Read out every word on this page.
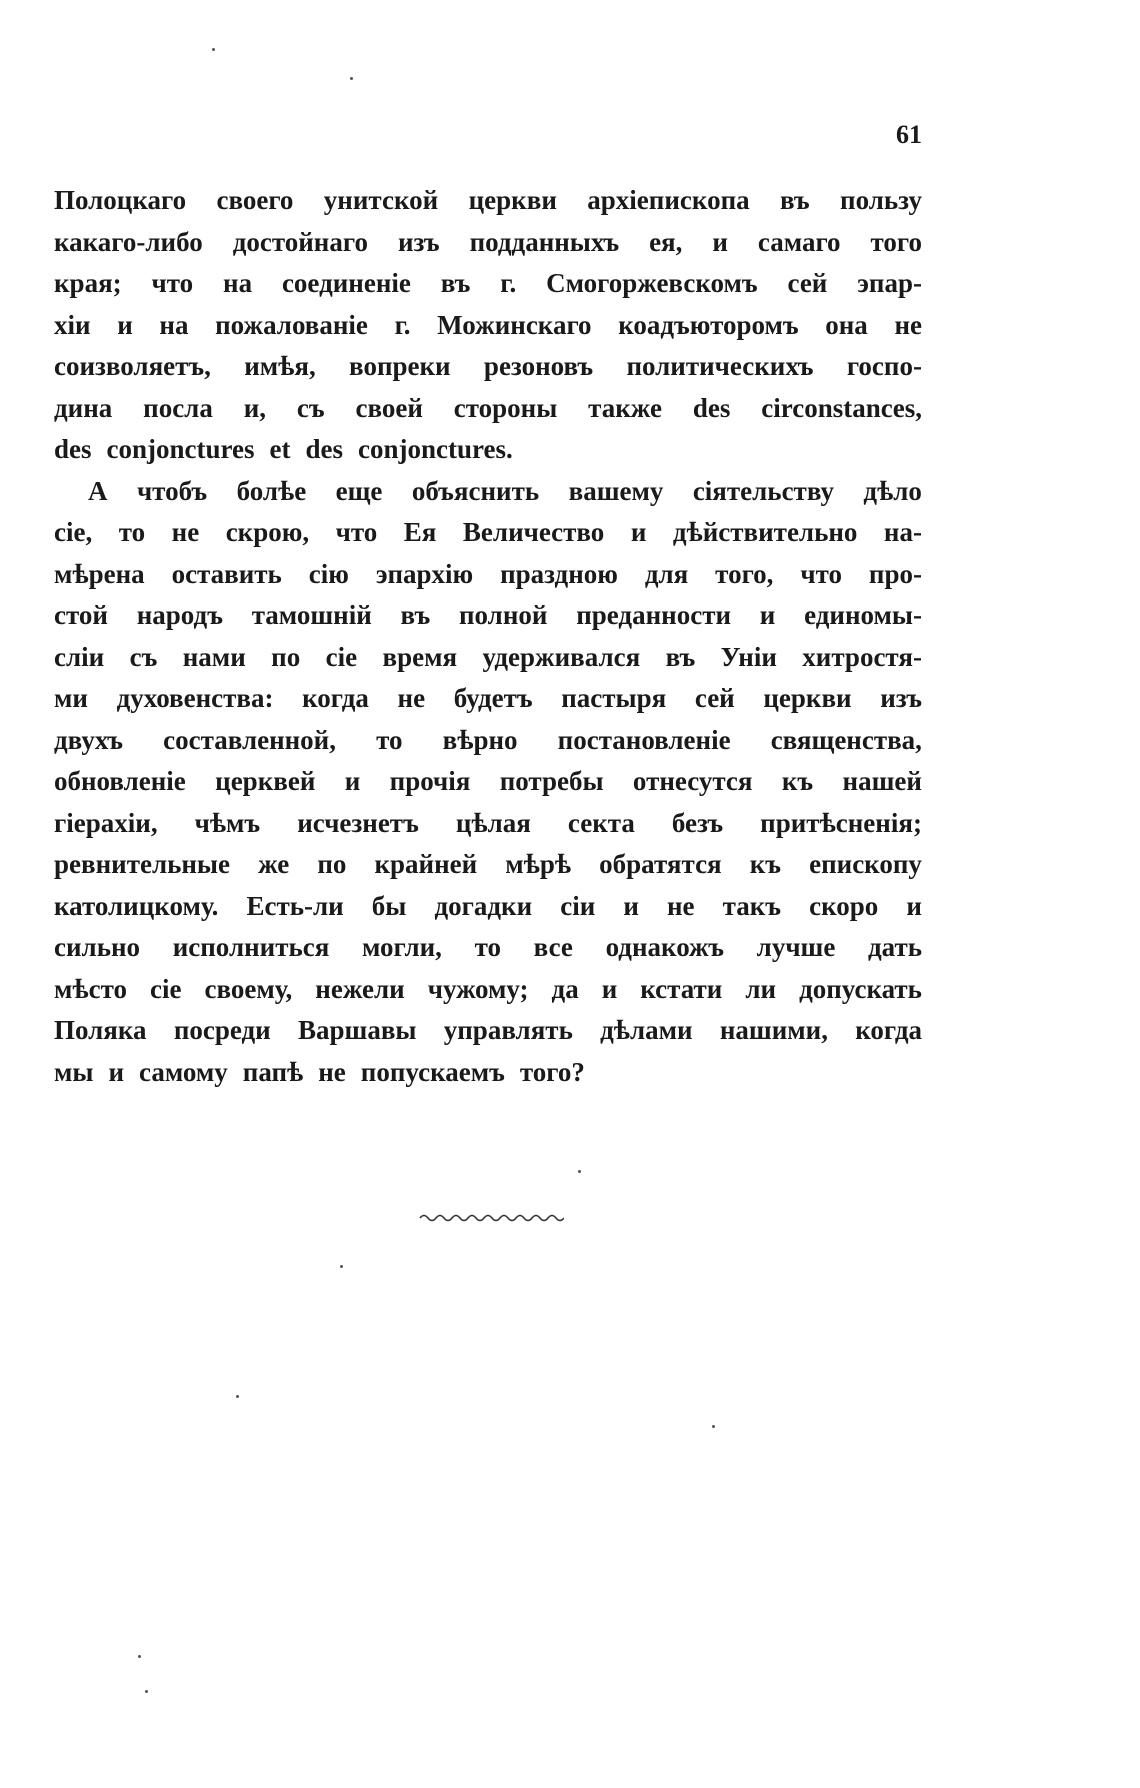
61
Полоцкаго своего унитской церкви архіепископа въ пользу
какаго-либо достойнаго изъ подданныхъ ея, и самаго того
края; что на соединеніе въ г. Смогоржевскомъ сей эпар-
хіи и на пожалованіе г. Можинскаго коадъюторомъ она не
соизволяетъ, имѣя, вопреки резоновъ политическихъ госпо-
дина посла и, съ своей стороны также des circonstances,
des conjonctures et des conjonctures.
А чтобъ болѣе еще объяснить вашему сіятельству дѣло
сіе, то не скрою, что Ея Величество и дѣйствительно на-
мѣрена оставить сію эпархію праздною для того, что про-
стой народъ тамошній въ полной преданности и единомы-
сліи съ нами по сіе время удерживался въ Уніи хитростя-
ми духовенства: когда не будетъ пастыря сей церкви изъ
двухъ составленной, то вѣрно постановленіе священства,
обновленіе церквей и прочія потребы отнесутся къ нашей
гіерахіи, чѣмъ исчезнетъ цѣлая секта безъ притѣсненія;
ревнительные же по крайней мѣрѣ обратятся къ епископу
католицкому. Есть-ли бы догадки сіи и не такъ скоро и
сильно исполниться могли, то все однакожъ лучше дать
мѣсто сіе своему, нежели чужому; да и кстати ли допускать
Поляка посреди Варшавы управлять дѣлами нашими, когда
мы и самому папѣ не попускаемъ того?
